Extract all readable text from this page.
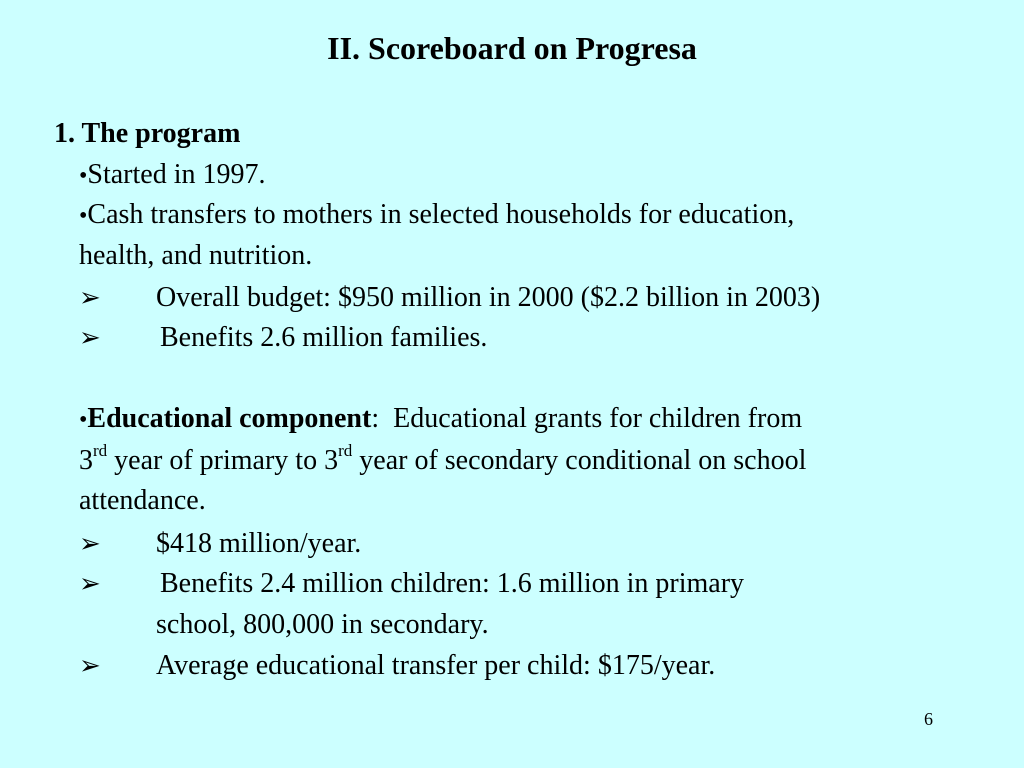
II. Scoreboard on Progresa
1. The program
•Started in 1997.
•Cash transfers to mothers in selected households for education,
health, and nutrition.
➢ Overall budget: $950 million in 2000 ($2.2 billion in 2003)
➢ Benefits 2.6 million families.
•Educational component:  Educational grants for children from
3rd year of primary to 3rd year of secondary conditional on school
attendance.
➢ $418 million/year.
➢ Benefits 2.4 million children: 1.6 million in primary
school, 800,000 in secondary.
➢ Average educational transfer per child: $175/year.
6
